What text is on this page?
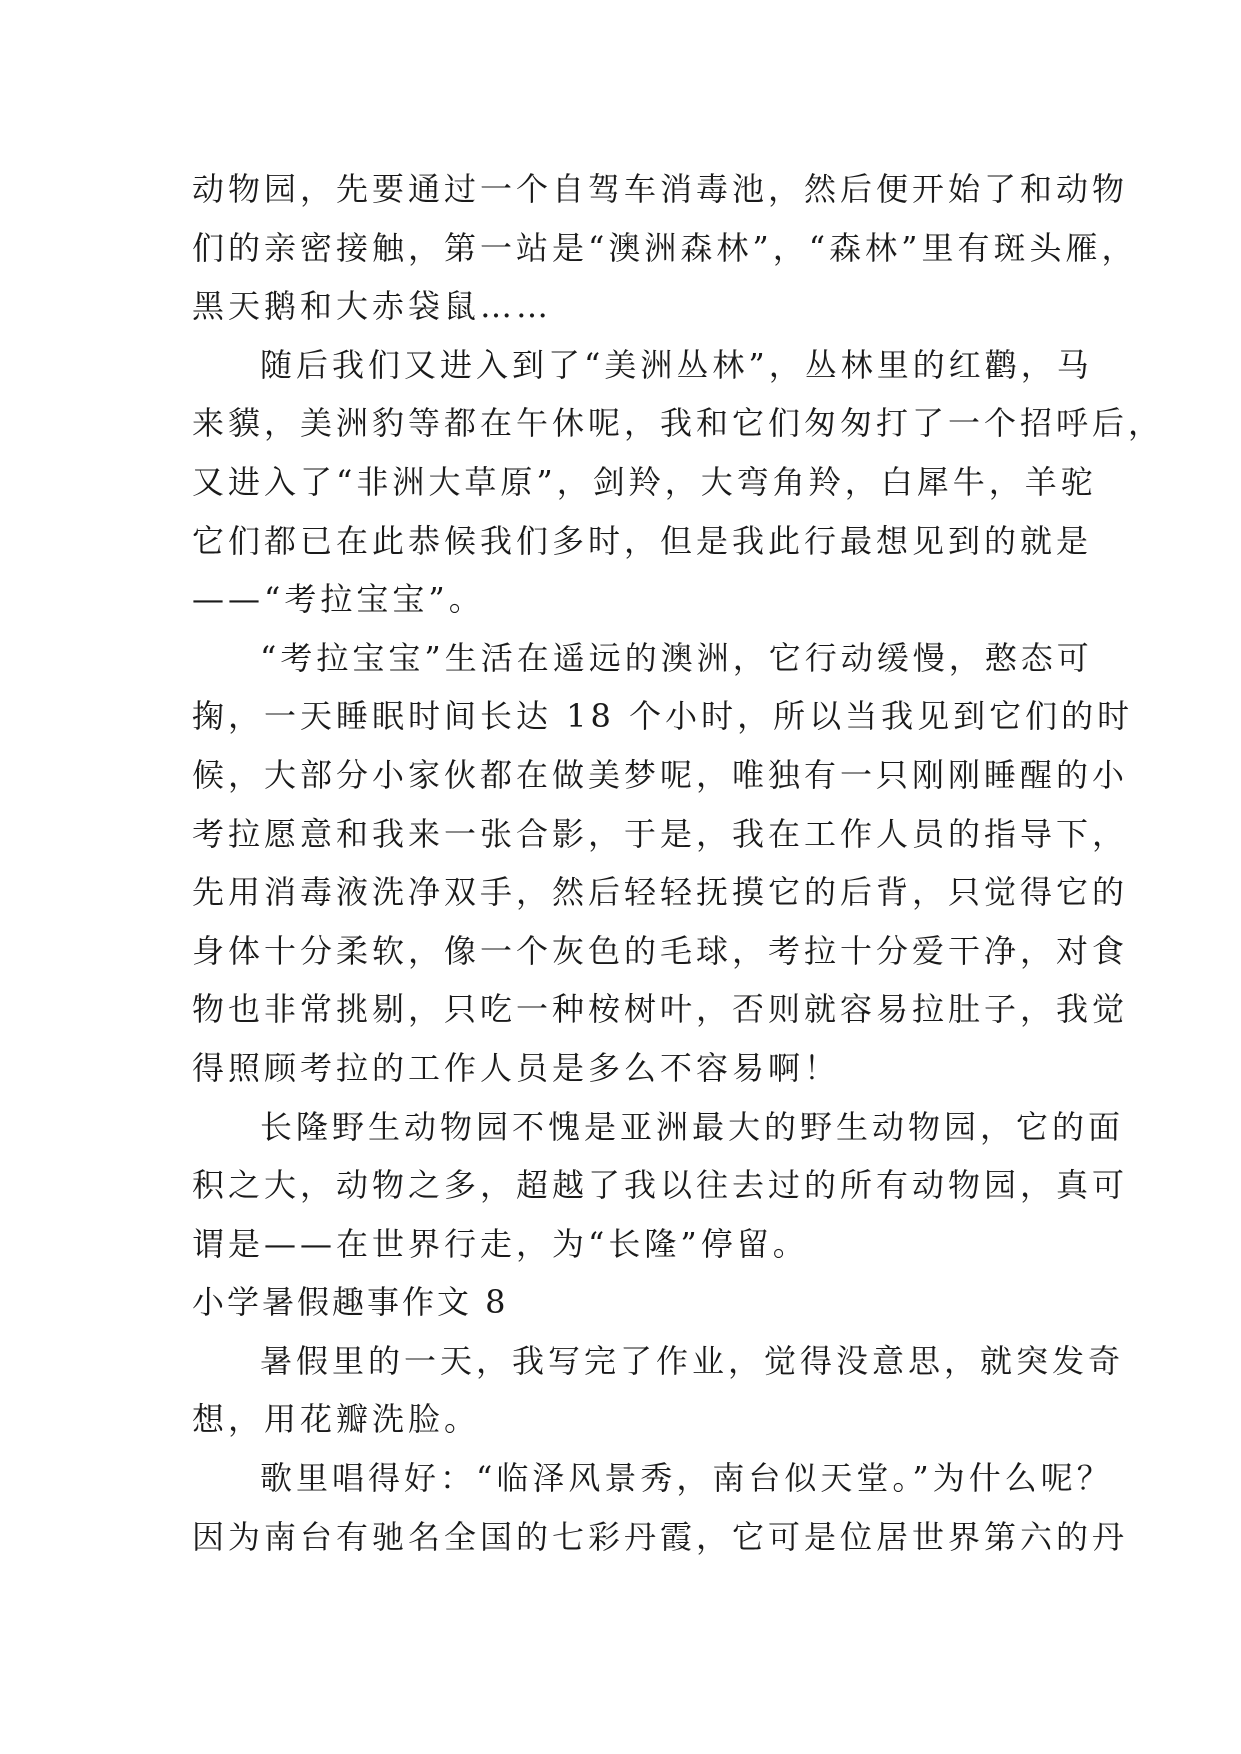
动物园，先要通过一个自驾车消毒池，然后便开始了和动物
们的亲密接触，第一站是“澳洲森林”，“森林”里有斑头雁，
黑天鹅和大赤袋鼠……
随后我们又进入到了“美洲丛林”，丛林里的红鹳，马
来貘，美洲豹等都在午休呢，我和它们匆匆打了一个招呼后，
又进入了“非洲大草原”，剑羚，大弯角羚，白犀牛，羊驼
它们都已在此恭候我们多时，但是我此行最想见到的就是
——“考拉宝宝”。
“考拉宝宝”生活在遥远的澳洲，它行动缓慢，憨态可
掬，一天睡眠时间长达 18 个小时，所以当我见到它们的时
候，大部分小家伙都在做美梦呢，唯独有一只刚刚睡醒的小
考拉愿意和我来一张合影，于是，我在工作人员的指导下，
先用消毒液洗净双手，然后轻轻抚摸它的后背，只觉得它的
身体十分柔软，像一个灰色的毛球，考拉十分爱干净，对食
物也非常挑剔，只吃一种桉树叶，否则就容易拉肚子，我觉
得照顾考拉的工作人员是多么不容易啊！
长隆野生动物园不愧是亚洲最大的野生动物园，它的面
积之大，动物之多，超越了我以往去过的所有动物园，真可
谓是——在世界行走，为“长隆”停留。
小学暑假趣事作文 8
暑假里的一天，我写完了作业，觉得没意思，就突发奇
想，用花瓣洗脸。
歌里唱得好：“临泽风景秀，南台似天堂。”为什么呢？
因为南台有驰名全国的七彩丹霞，它可是位居世界第六的丹
